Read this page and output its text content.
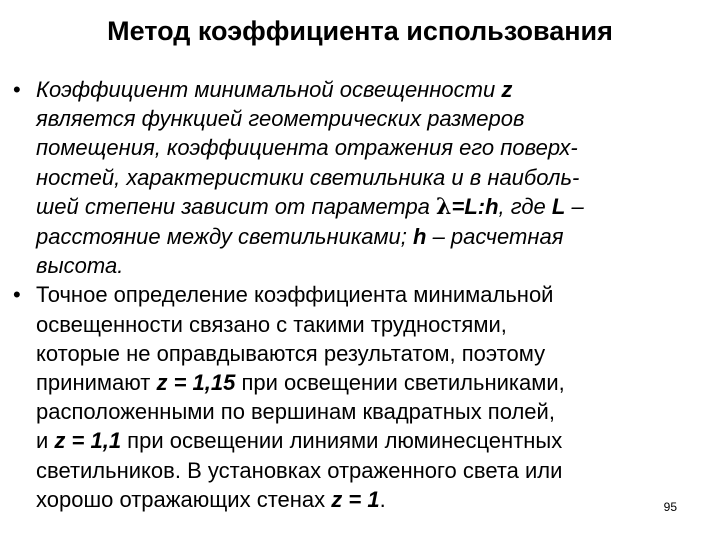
Метод коэффициента использования
• Коэффициент минимальной освещенности z
является функцией геометрических размеров
помещения, коэффициента отражения его поверх-
ностей, характеристики светильника и в наиболь-
шей степени зависит от параметра λ=L:h, где L –
расстояние между светильниками; h – расчетная
высота.
• Точное определение коэффициента минимальной
освещенности связано с такими трудностями,
которые не оправдываются результатом, поэтому
принимают z = 1,15 при освещении светильниками,
расположенными по вершинам квадратных полей,
и z = 1,1 при освещении линиями люминесцентных
светильников. В установках отраженного света или
хорошо отражающих стенах z = 1.	95
